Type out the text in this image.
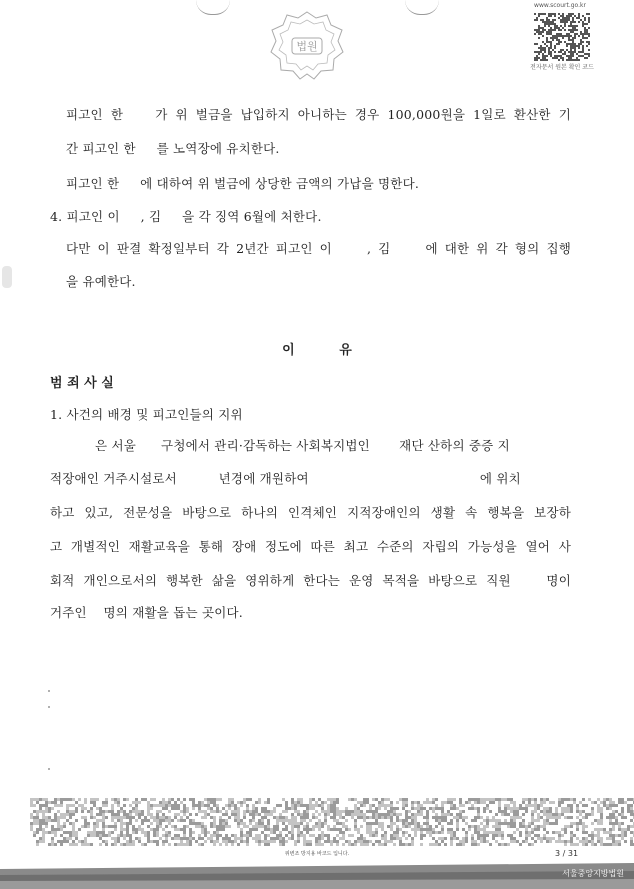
법원
www.scourt.go.kr
전자문서 원본 확인 코드
피고인 한    가 위 벌금을 납입하지 아니하는 경우 100,000원을 1일로 환산한 기
간 피고인 한     를 노역장에 유치한다.
피고인 한     에 대하여 위 벌금에 상당한 금액의 가납을 명한다.
4. 피고인 이     , 김     을 각 징역 6월에 처한다.
다만 이 판결 확정일부터 각 2년간 피고인 이     , 김     에 대한 위 각 형의 집행
을 유예한다.
이 유
범 죄 사 실
1. 사건의 배경 및 피고인들의 지위
은 서울      구청에서 관리·감독하는 사회복지법인       재단 산하의 중증 지
적장애인 거주시설로서          년경에 개원하여                                         에 위치
하고 있고, 전문성을 바탕으로 하나의 인격체인 지적장애인의 생활 속 행복을 보장하
고 개별적인 재활교육을 통해 장애 정도에 따른 최고 수준의 자립의 가능성을 열어 사
회적 개인으로서의 행복한 삶을 영위하게 한다는 운영 목적을 바탕으로 직원    명이
거주인    명의 재활을 돕는 곳이다.
위변조 방지용 바코드 입니다.	3 / 31
서울중앙지방법원
